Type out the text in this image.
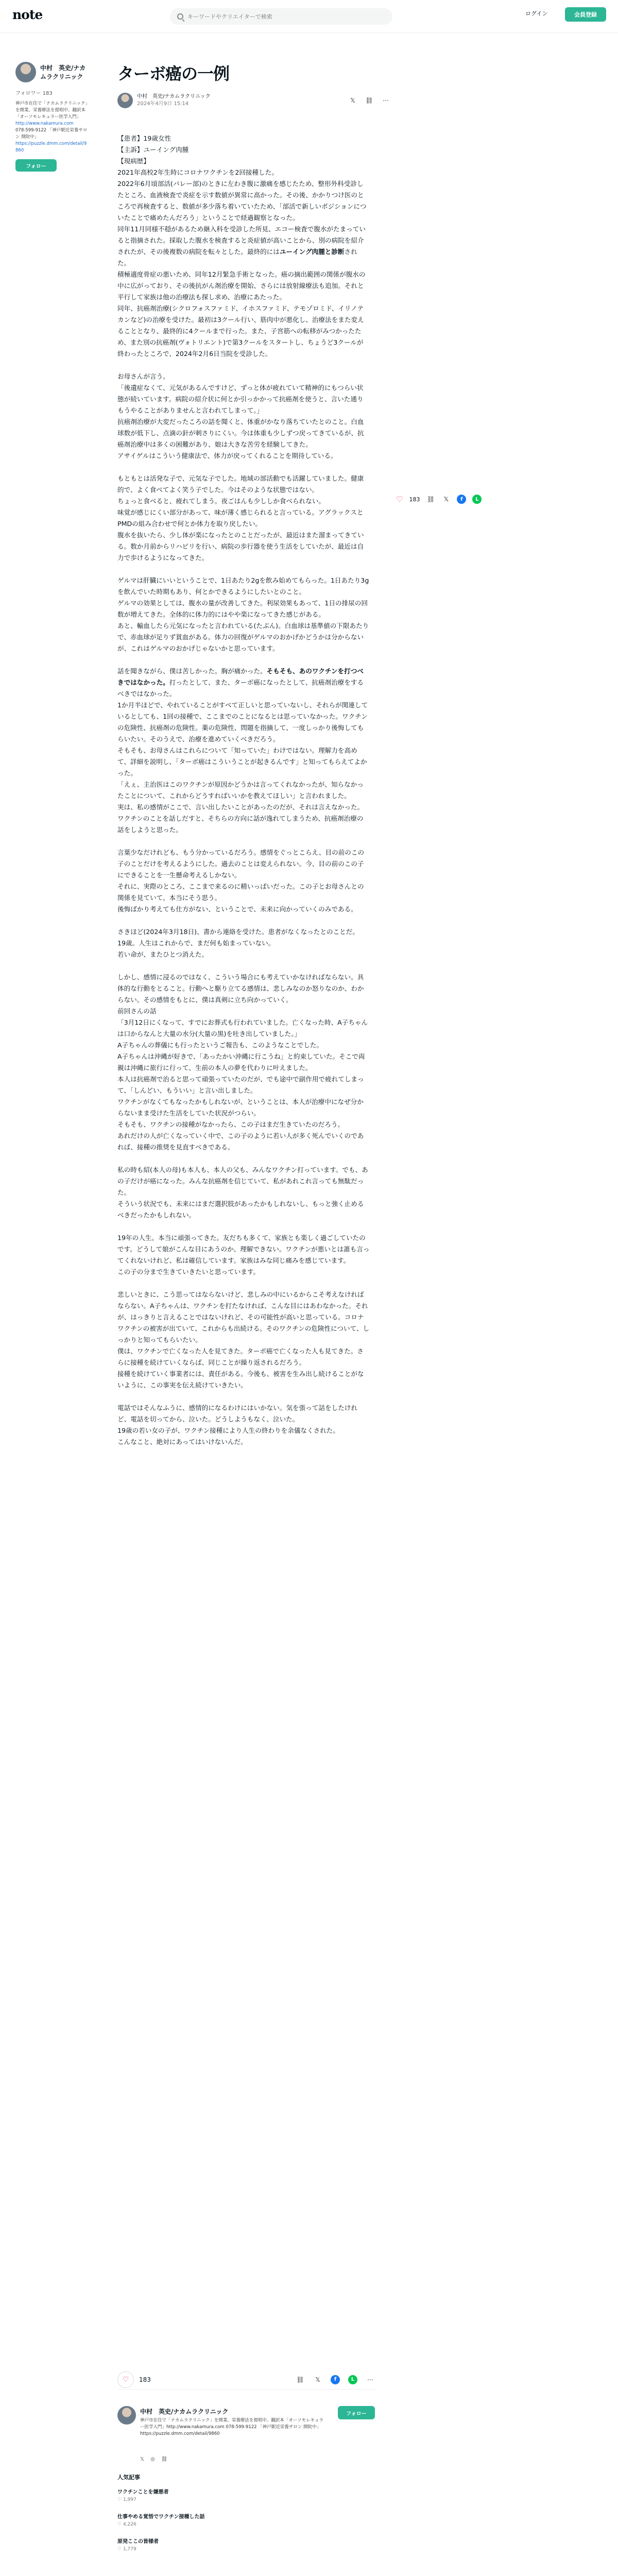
note
キーワードやクリエイターで検索	ログイン	会員登録
中村　英史/ナカムラクリニック
フォロワー 183
神戸市在住で「ナカムラクリニック」を開業。栄養療法を提唱中。翻訳本「オーソモレキュラー医学入門」
http://www.nakamura.com
078-599-9122 「神戸駅近栄養サロン 開院中」
https://puzzle.dmm.com/detail/9860
フォロー
ターボ癌の一例
中村　英史/ナカムラクリニック
2024年4月9日 15:14	𝕏	⛓ ⋯

【患者】19歳女性
【主訴】ユーイング肉腫
【現病歴】
2021年高校2年生時にコロナワクチンを2回接種した。
2022年6月頃部活(バレー部)のときに左わき腹に激痛を感じたため、整形外科受診したところ、血液検査で炎症を示す数値が異常に高かった。その後、かかりつけ医のところで再検査すると、数値が多少落ち着いていたため、「部活で新しいポジションについたことで痛めたんだろう」ということで経過観察となった。
同年11月同様不穏があるため継入科を受診した所見、エコー検査で腹水がたまっていると指摘された。採取した腹水を検査すると炎症値が高いことから、別の病院を紹介されたが、その後複数の病院を転々とした。最終的にはユーイング肉腫と診断された。
積極適度骨症の悪いため、同年12月緊急手術となった。癌の摘出範囲の関係が腹水の中に広がっており、その後抗がん剤治療を開始、さらには放射線療法も追加。それと平行して家族は他の治療法も探し求め、治療にあたった。
同年、抗癌剤治療(シクロフォスファミド、イホスファミド、テモゾロミド、イリノテカンなど)の治療を受けた。最初は3クール行い、筋肉中が悪化し、治療法をまた変えることとなり、最終的に4クールまで行った。また、子宮筋への転移がみつかったため、また別の抗癌剤(ヴォトリエント)で第3クールをスタートし、ちょうど3クールが終わったところで、2024年2月6日当院を受診した。

お母さんが言う。
「後遺症なくて、元気があるんですけど、ずっと体が疲れていて精神的にもつらい状態が続いています。病院の紹介状に何とか引っかかって抗癌剤を使うと、言いた通りもうやることがありませんと言われてしまって。」
抗癌剤治療が大変だったころの話を聞くと、体重がかなり落ちていたとのこと。白血球数が低下し、点滴の針が刺さりにくい。今は体重も少しずつ戻ってきているが、抗癌剤治療中は多くの困難があり、娘は大きな苦労を経験してきた。
アサイゲルはこういう健康法で、体力が戻ってくれることを期待している。

もともとは活発な子で、元気な子でした。地域の部活動でも活躍していました。健康的で、よく食べてよく笑う子でした。今はそのような状態ではない。
ちょっと食べると、疲れてしまう。夜ごはんも少ししか食べられない。
味覚が感じにくい部分があって、味が薄く感じられると言っている。アグラックスとPMDの組み合わせで何とか体力を取り戻したい。
腹水を抜いたら、少し体が楽になったとのことだったが、最近はまた溜まってきている。数か月前からリハビリを行い、病院の歩行器を使う生活をしていたが、最近は自力で歩けるようになってきた。

ゲルマは肝臓にいいということで、1日あたり2gを飲み始めてもらった。1日あたり3gを飲んでいた時期もあり、何とかできるようにしたいとのこと。
ゲルマの効果としては、腹水の量が改善してきた。利尿効果もあって、1日の排尿の回数が増えてきた。全体的に体力的にはやや楽になってきた感じがある。
あと、輸血したら元気になったと言われている(たぶん)。白血球は基準値の下限あたりで、赤血球が足りず貧血がある。体力の回復がゲルマのおかげかどうかは分からないが、これはゲルマのおかげじゃないかと思っています。

話を聞きながら、僕は苦しかった。胸が痛かった。そもそも、あのワクチンを打つべきではなかった。打ったとして、また、ターボ癌になったとして、抗癌剤治療をするべきではなかった。
1か月半ほどで、やれていることがすべて正しいと思っていないし、それらが関連しているとしても、1回の接種で、ここまでのことになるとは思っていなかった。ワクチンの危険性、抗癌剤の危険性。薬の危険性、問題を指摘して、一度しっかり後悔してもらいたい。そのうえで、治療を進めていくべきだろう。
そもそも、お母さんはこれらについて「知っていた」わけではない。理解力を高めて、詳細を説明し、「ターボ癌はこういうことが起きるんです」と知ってもらえてよかった。
「えぇ、主治医はこのワクチンが原因かどうかは言ってくれなかったが、知らなかったことについて、これからどうすればいいかを教えてほしい」と言われました。
実は、私の感情がここで、言い出したいことがあったのだが、それは言えなかった。ワクチンのことを話しだすと、そちらの方向に話が逸れてしまうため、抗癌剤治療の話をしようと思った。

言葉少なだけれども、もう分かっているだろう。感情をぐっとこらえ、目の前のこの子のことだけを考えるようにした。過去のことは変えられない。今、目の前のこの子にできることを一生懸命考えるしかない。
それに、実際のところ、ここまで来るのに精いっぱいだった。この子とお母さんとの関係を見ていて、本当にそう思う。
後悔ばかり考えても仕方がない、ということで、未来に向かっていくのみである。

さきほど(2024年3月18日)、書から連絡を受けた。患者がなくなったとのことだ。
19歳。人生はこれからで、まだ何も始まっていない。
若い命が、またひとつ消えた。

しかし、感情に浸るのではなく、こういう場合にも考えていかなければならない。具体的な行動をとること。行動へと駆り立てる感情は、悲しみなのか怒りなのか、わからない。その感情をもとに、僕は真剣に立ち向かっていく。
前回さんの話
「3月12日にくなって、すでにお葬式も行われていました。亡くなった時、A子ちゃんは口からなんと大量の水分(大量の黒)を吐き出していました。」
A子ちゃんの葬儀にも行ったというご報告も、このようなことでした。
A子ちゃんは沖縄が好きで、「あったかい沖縄に行こうね」と約束していた。そこで両親は沖縄に旅行に行って、生前の本人の夢を代わりに叶えました。
本人は抗癌剤で治ると思って頑張っていたのだが、でも途中で副作用で疲れてしまって、「しんどい、もういい」と言い出しました。
ワクチンがなくてもなったかもしれないが、ということは、本人が治療中になぜ分からないまま受けた生活をしていた状況がつらい。
そもそも、ワクチンの接種がなかったら、この子はまだ生きていたのだろう。
あれだけの人が亡くなっていく中で、この子のように若い人が多く死んでいくのであれば、接種の推奨を見直すべきである。

私の時も紹(本人の母)も本人も、本人の父も、みんなワクチン打っています。でも、あの子だけが癌になった。みんな抗癌剤を信じていて、私があれこれ言っても無駄だった。
そういう状況でも、未来にはまだ選択肢があったかもしれないし、もっと強く止めるべきだったかもしれない。

19年の人生。本当に頑張ってきた。友だちも多くて、家族とも楽しく過ごしていたのです。どうして娘がこんな目にあうのか、理解できない。ワクチンが悪いとは誰も言ってくれないけれど、私は確信しています。家族はみな同じ痛みを感じています。
この子の分まで生きていきたいと思っています。

悲しいときに、こう思ってはならないけど、悲しみの中にいるからこそ考えなければならない。A子ちゃんは、ワクチンを打たなければ、こんな目にはあわなかった。それが、はっきりと言えることではないけれど、その可能性が高いと思っている。コロナワクチンの被害が出ていて、これからも出続ける。そのワクチンの危険性について、しっかりと知ってもらいたい。
僕は、ワクチンで亡くなった人を見てきた。ターボ癌で亡くなった人も見てきた。さらに接種を続けていくならば、同じことが繰り返されるだろう。
接種を続けていく事業者には、責任がある。今後も、被害を生み出し続けることがないように、この事実を伝え続けていきたい。

電話ではそんなふうに、感情的になるわけにはいかない。気を張って話をしたけれど、電話を切ってから、泣いた。どうしようもなく、泣いた。
19歳の若い女の子が、ワクチン接種により人生の終わりを余儀なくされた。
こんなこと、絶対にあってはいけないんだ。

♡ 183 ⛓	𝕏	f	L
♡	183	⛓	𝕏	f	L	⋯
中村　英史/ナカムラクリニック
神戸市在住で「ナカムラクリニック」を開業。栄養療法を提唱中。翻訳本「オーソモレキュラー医学入門」http://www.nakamura.com 078-599-9122 「神戸駅近栄養サロン 開院中」 https://puzzle.dmm.com/detail/9860
フォロー
𝕏 ◎ ⛓
人気記事
ワクチンことを嫌悪者
♡ 1,997
仕事やめる覚悟でワクチン接種した話
♡ 4,226
原発ここの皆様者
♡ 1,779
